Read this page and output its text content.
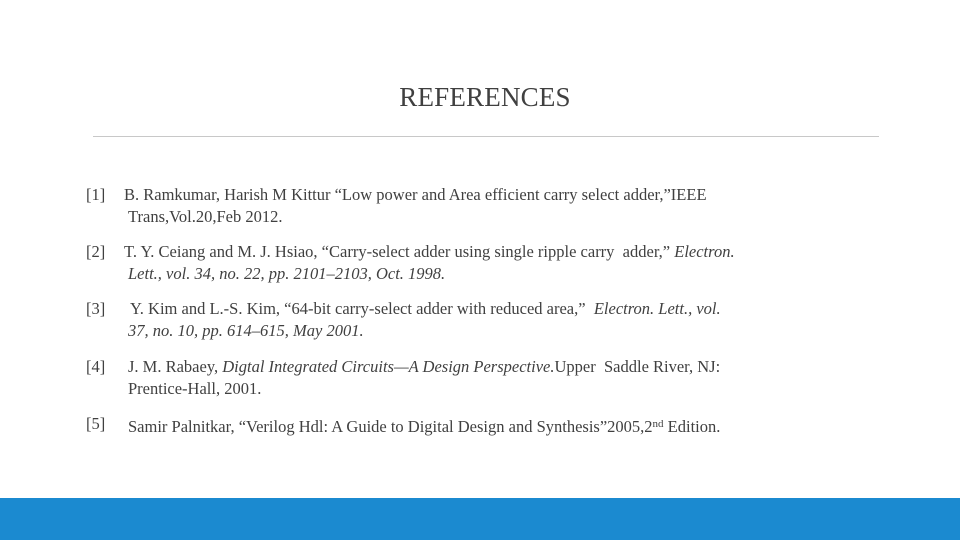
REFERENCES
[1] B. Ramkumar, Harish M Kittur “Low power and Area efficient carry select adder,”IEEE
Trans,Vol.20,Feb 2012.
[2]	T. Y. Ceiang and M. J. Hsiao, “Carry-select adder using single ripple carry  adder,” Electron.
Lett., vol. 34, no. 22, pp. 2101–2103, Oct. 1998.
[3]	Y. Kim and L.-S. Kim, “64-bit carry-select adder with reduced area,”  Electron. Lett., vol.
37, no. 10, pp. 614–615, May 2001.
[4]	J. M. Rabaey, Digtal Integrated Circuits—A Design Perspective.Upper  Saddle River, NJ:
Prentice-Hall, 2001.
[5]	Samir Palnitkar, “Verilog Hdl: A Guide to Digital Design and Synthesis”2005,2nd Edition.
